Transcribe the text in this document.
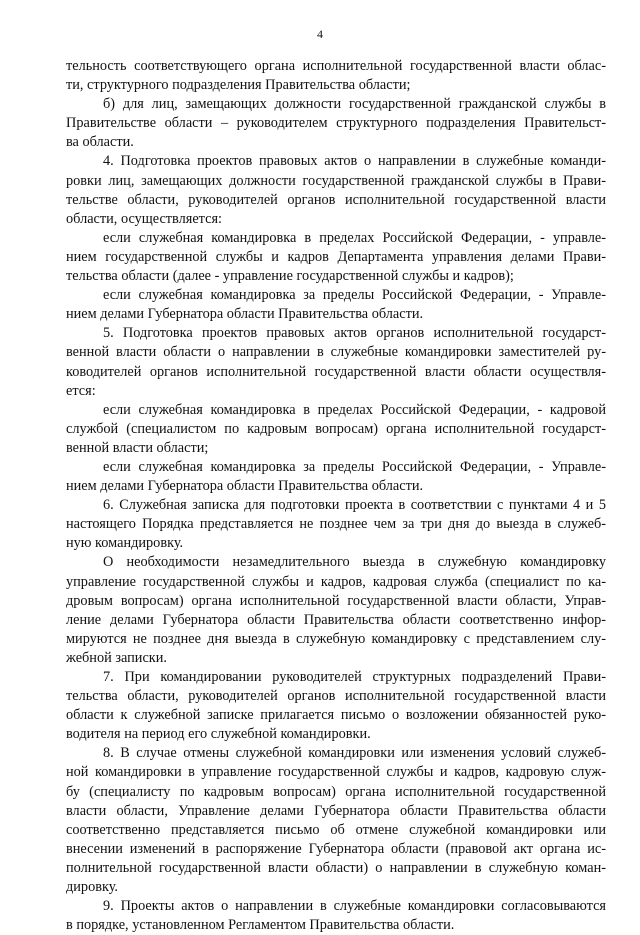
4
тельность соответствующего органа исполнительной государственной власти облас-
ти, структурного подразделения Правительства области;
б) для лиц, замещающих должности государственной гражданской службы в
Правительстве области – руководителем структурного подразделения Правительст-
ва области.
4. Подготовка проектов правовых актов о направлении в служебные команди-
ровки лиц, замещающих должности государственной гражданской службы в Прави-
тельстве области, руководителей органов исполнительной государственной власти
области, осуществляется:
если служебная командировка в пределах Российской Федерации, - управле-
нием государственной службы и кадров Департамента управления делами Прави-
тельства области (далее - управление государственной службы и кадров);
если служебная командировка за пределы Российской Федерации, - Управле-
нием делами Губернатора области Правительства области.
5. Подготовка проектов правовых актов органов исполнительной государст-
венной власти области о направлении в служебные командировки заместителей ру-
ководителей органов исполнительной государственной власти области осуществля-
ется:
если служебная командировка в пределах Российской Федерации, - кадровой
службой (специалистом по кадровым вопросам) органа исполнительной государст-
венной власти области;
если служебная командировка за пределы Российской Федерации, - Управле-
нием делами Губернатора области Правительства области.
6. Служебная записка для подготовки проекта в соответствии с пунктами 4 и 5
настоящего Порядка представляется не позднее чем за три дня до выезда в служеб-
ную командировку.
О необходимости незамедлительного выезда в служебную командировку
управление государственной службы и кадров, кадровая служба (специалист по ка-
дровым вопросам) органа исполнительной государственной власти области, Управ-
ление делами Губернатора области Правительства области соответственно инфор-
мируются не позднее дня выезда в служебную командировку с представлением слу-
жебной записки.
7. При командировании руководителей структурных подразделений Прави-
тельства области, руководителей органов исполнительной государственной власти
области к служебной записке прилагается письмо о возложении обязанностей руко-
водителя на период его служебной командировки.
8. В случае отмены служебной командировки или изменения условий служеб-
ной командировки в управление государственной службы и кадров, кадровую служ-
бу (специалисту по кадровым вопросам) органа исполнительной государственной
власти области, Управление делами Губернатора области Правительства области
соответственно представляется письмо об отмене служебной командировки или
внесении изменений в распоряжение Губернатора области (правовой акт органа ис-
полнительной государственной власти области) о направлении в служебную коман-
дировку.
9. Проекты актов о направлении в служебные командировки согласовываются
в порядке, установленном Регламентом Правительства области.
